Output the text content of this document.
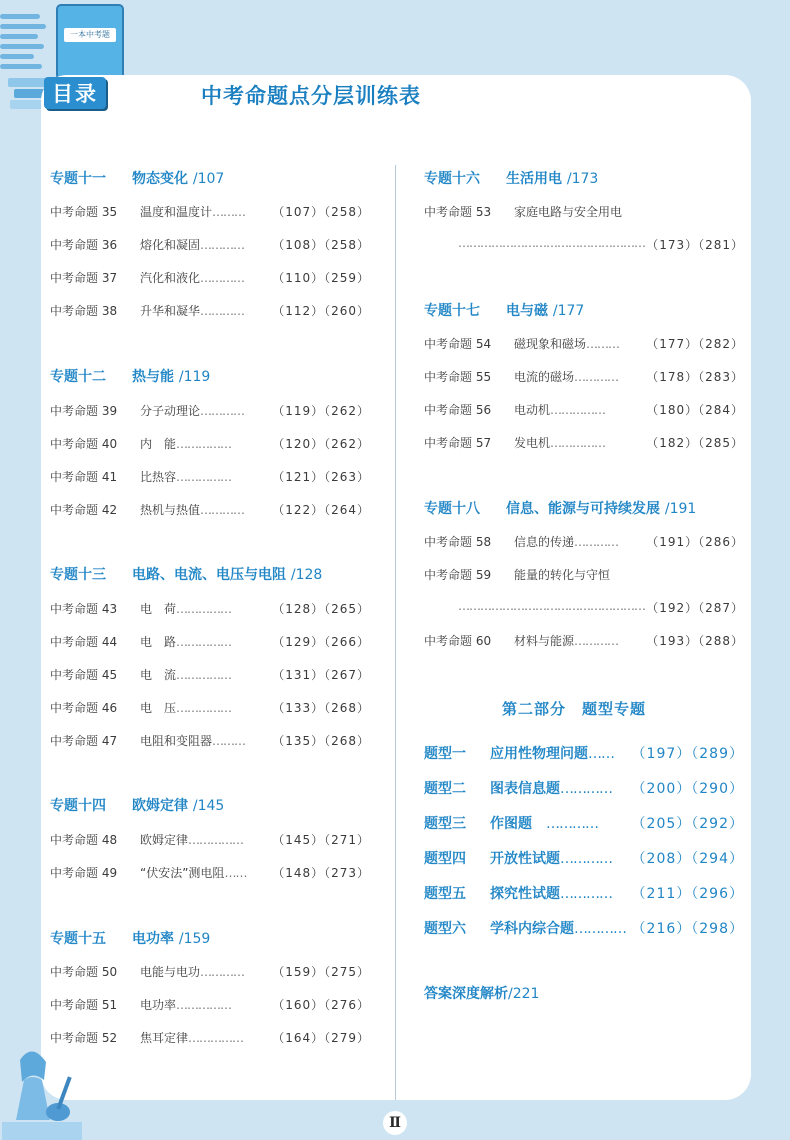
一本中考题
目录	中考命题点分层训练表
专题十一 物态变化 /107
中考命题 35 温度和温度计……… （107）（258）
中考命题 36 熔化和凝固………… （108）（258）
中考命题 37 汽化和液化………… （110）（259）
中考命题 38 升华和凝华………… （112）（260）
专题十二 热与能 /119
中考命题 39 分子动理论………… （119）（262）
中考命题 40 内　能……………	（120）（262）
中考命题 41 比热容……………	（121）（263）
中考命题 42 热机与热值………… （122）（264）
专题十三 电路、电流、电压与电阻 /128
中考命题 43 电　荷……………	（128）（265）
中考命题 44 电　路……………	（129）（266）
中考命题 45 电　流……………	（131）（267）
中考命题 46 电　压……………	（133）（268）
中考命题 47 电阻和变阻器……… （135）（268）
专题十四 欧姆定律 /145
中考命题 48 欧姆定律…………… （145）（271）
中考命题 49 “伏安法”测电阻…… （148）（273）
专题十五 电功率 /159
中考命题 50 电能与电功………… （159）（275）
中考命题 51 电功率……………	（160）（276）
中考命题 52 焦耳定律…………… （164）（279）
专题十六 生活用电 /173
中考命题 53 家庭电路与安全用电
…………………………………………… （173）（281）
专题十七 电与磁 /177
中考命题 54 磁现象和磁场……… （177）（282）
中考命题 55 电流的磁场………… （178）（283）
中考命题 56 电动机……………	（180）（284）
中考命题 57 发电机……………	（182）（285）
专题十八 信息、能源与可持续发展 /191
中考命题 58 信息的传递………… （191）（286）
中考命题 59 能量的转化与守恒
…………………………………………… （192）（287）
中考命题 60 材料与能源………… （193）（288）
题型一 应用性物理问题…… （197）（289）
题型二 图表信息题………… （200）（290）
题型三 作图题 ………… （205）（292）
题型四 开放性试题………… （208）（294）
题型五 探究性试题………… （211）（296）
题型六 学科内综合题………… （216）（298）
第二部分　题型专题
答案深度解析/221
Ⅱ
